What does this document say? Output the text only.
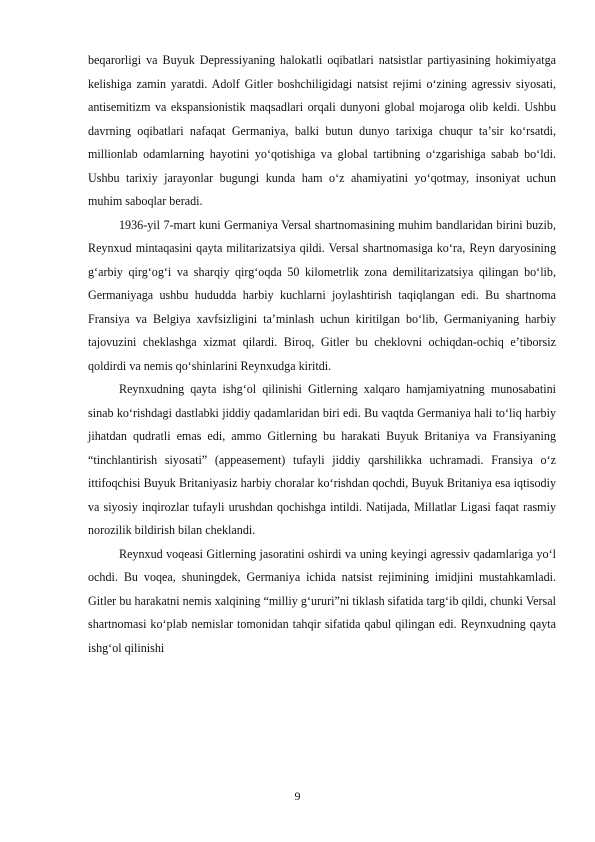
beqarorligi va Buyuk Depressiyaning halokatli oqibatlari natsistlar partiyasining hokimiyatga kelishiga zamin yaratdi. Adolf Gitler boshchiligidagi natsist rejimi oʻzining agressiv siyosati, antisemitizm va ekspansionistik maqsadlari orqali dunyoni global mojaroga olib keldi. Ushbu davrning oqibatlari nafaqat Germaniya, balki butun dunyo tarixiga chuqur taʼsir koʻrsatdi, millionlab odamlarning hayotini yoʻqotishiga va global tartibning oʻzgarishiga sabab boʻldi. Ushbu tarixiy jarayonlar bugungi kunda ham oʻz ahamiyatini yoʻqotmay, insoniyat uchun muhim saboqlar beradi.

1936-yil 7-mart kuni Germaniya Versal shartnomasining muhim bandlaridan birini buzib, Reynxud mintaqasini qayta militarizatsiya qildi. Versal shartnomasiga koʻra, Reyn daryosining gʻarbiy qirgʻogʻi va sharqiy qirgʻoqda 50 kilometrlik zona demilitarizatsiya qilingan boʻlib, Germaniyaga ushbu hududda harbiy kuchlarni joylashtirish taqiqlangan edi. Bu shartnoma Fransiya va Belgiya xavfsizligini taʼminlash uchun kiritilgan boʻlib, Germaniyaning harbiy tajovuzini cheklashga xizmat qilardi. Biroq, Gitler bu cheklovni ochiqdan-ochiq eʼtiborsiz qoldirdi va nemis qoʻshinlarini Reynxudga kiritdi.

Reynxudning qayta ishgʻol qilinishi Gitlerning xalqaro hamjamiyatning munosabatini sinab koʻrishdagi dastlabki jiddiy qadamlaridan biri edi. Bu vaqtda Germaniya hali toʻliq harbiy jihatdan qudratli emas edi, ammo Gitlerning bu harakati Buyuk Britaniya va Fransiyaning “tinchlantirish siyosati” (appeasement) tufayli jiddiy qarshilikka uchramadi. Fransiya oʻz ittifoqchisi Buyuk Britaniyasiz harbiy choralar koʻrishdan qochdi, Buyuk Britaniya esa iqtisodiy va siyosiy inqirozlar tufayli urushdan qochishga intildi. Natijada, Millatlar Ligasi faqat rasmiy norozilik bildirish bilan cheklandi.

Reynxud voqeasi Gitlerning jasoratini oshirdi va uning keyingi agressiv qadamlariga yoʻl ochdi. Bu voqea, shuningdek, Germaniya ichida natsist rejimining imidjini mustahkamladi. Gitler bu harakatni nemis xalqining “milliy gʻururi”ni tiklash sifatida targʻib qildi, chunki Versal shartnomasi koʻplab nemislar tomonidan tahqir sifatida qabul qilingan edi. Reynxudning qayta ishgʻol qilinishi

9
